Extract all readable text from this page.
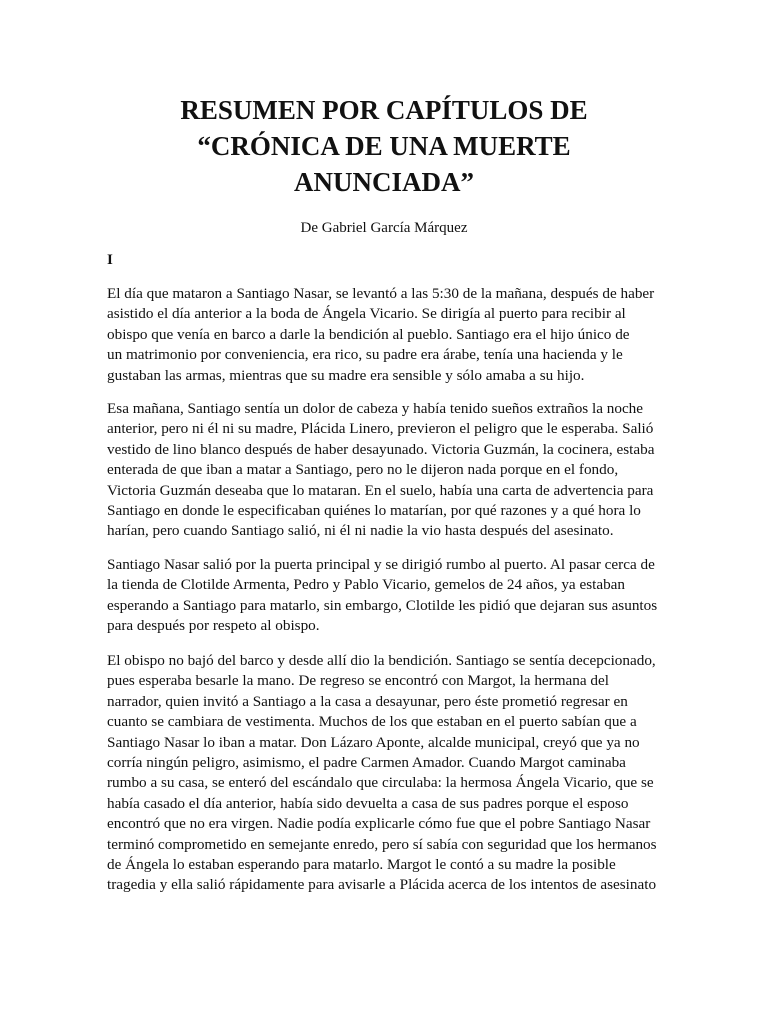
RESUMEN POR CAPÍTULOS DE
“CRÓNICA DE UNA MUERTE
ANUNCIADA”

De Gabriel García Márquez

I

El día que mataron a Santiago Nasar, se levantó a las 5:30 de la mañana, después de haber
asistido el día anterior a la boda de Ángela Vicario. Se dirigía al puerto para recibir al
obispo que venía en barco a darle la bendición al pueblo. Santiago era el hijo único de
un matrimonio por conveniencia, era rico, su padre era árabe, tenía una hacienda y le
gustaban las armas, mientras que su madre era sensible y sólo amaba a su hijo.

Esa mañana, Santiago sentía un dolor de cabeza y había tenido sueños extraños la noche
anterior, pero ni él ni su madre, Plácida Linero, previeron el peligro que le esperaba. Salió
vestido de lino blanco después de haber desayunado. Victoria Guzmán, la cocinera, estaba
enterada de que iban a matar a Santiago, pero no le dijeron nada porque en el fondo,
Victoria Guzmán deseaba que lo mataran. En el suelo, había una carta de advertencia para
Santiago en donde le especificaban quiénes lo matarían, por qué razones y a qué hora lo
harían, pero cuando Santiago salió, ni él ni nadie la vio hasta después del asesinato.

Santiago Nasar salió por la puerta principal y se dirigió rumbo al puerto. Al pasar cerca de
la tienda de Clotilde Armenta, Pedro y Pablo Vicario, gemelos de 24 años, ya estaban
esperando a Santiago para matarlo, sin embargo, Clotilde les pidió que dejaran sus asuntos
para después por respeto al obispo.

El obispo no bajó del barco y desde allí dio la bendición. Santiago se sentía decepcionado,
pues esperaba besarle la mano. De regreso se encontró con Margot, la hermana del
narrador, quien invitó a Santiago a la casa a desayunar, pero éste prometió regresar en
cuanto se cambiara de vestimenta. Muchos de los que estaban en el puerto sabían que a
Santiago Nasar lo iban a matar. Don Lázaro Aponte, alcalde municipal, creyó que ya no
corría ningún peligro, asimismo, el padre Carmen Amador. Cuando Margot caminaba
rumbo a su casa, se enteró del escándalo que circulaba: la hermosa Ángela Vicario, que se
había casado el día anterior, había sido devuelta a casa de sus padres porque el esposo
encontró que no era virgen. Nadie podía explicarle cómo fue que el pobre Santiago Nasar
terminó comprometido en semejante enredo, pero sí sabía con seguridad que los hermanos
de Ángela lo estaban esperando para matarlo. Margot le contó a su madre la posible
tragedia y ella salió rápidamente para avisarle a Plácida acerca de los intentos de asesinato
